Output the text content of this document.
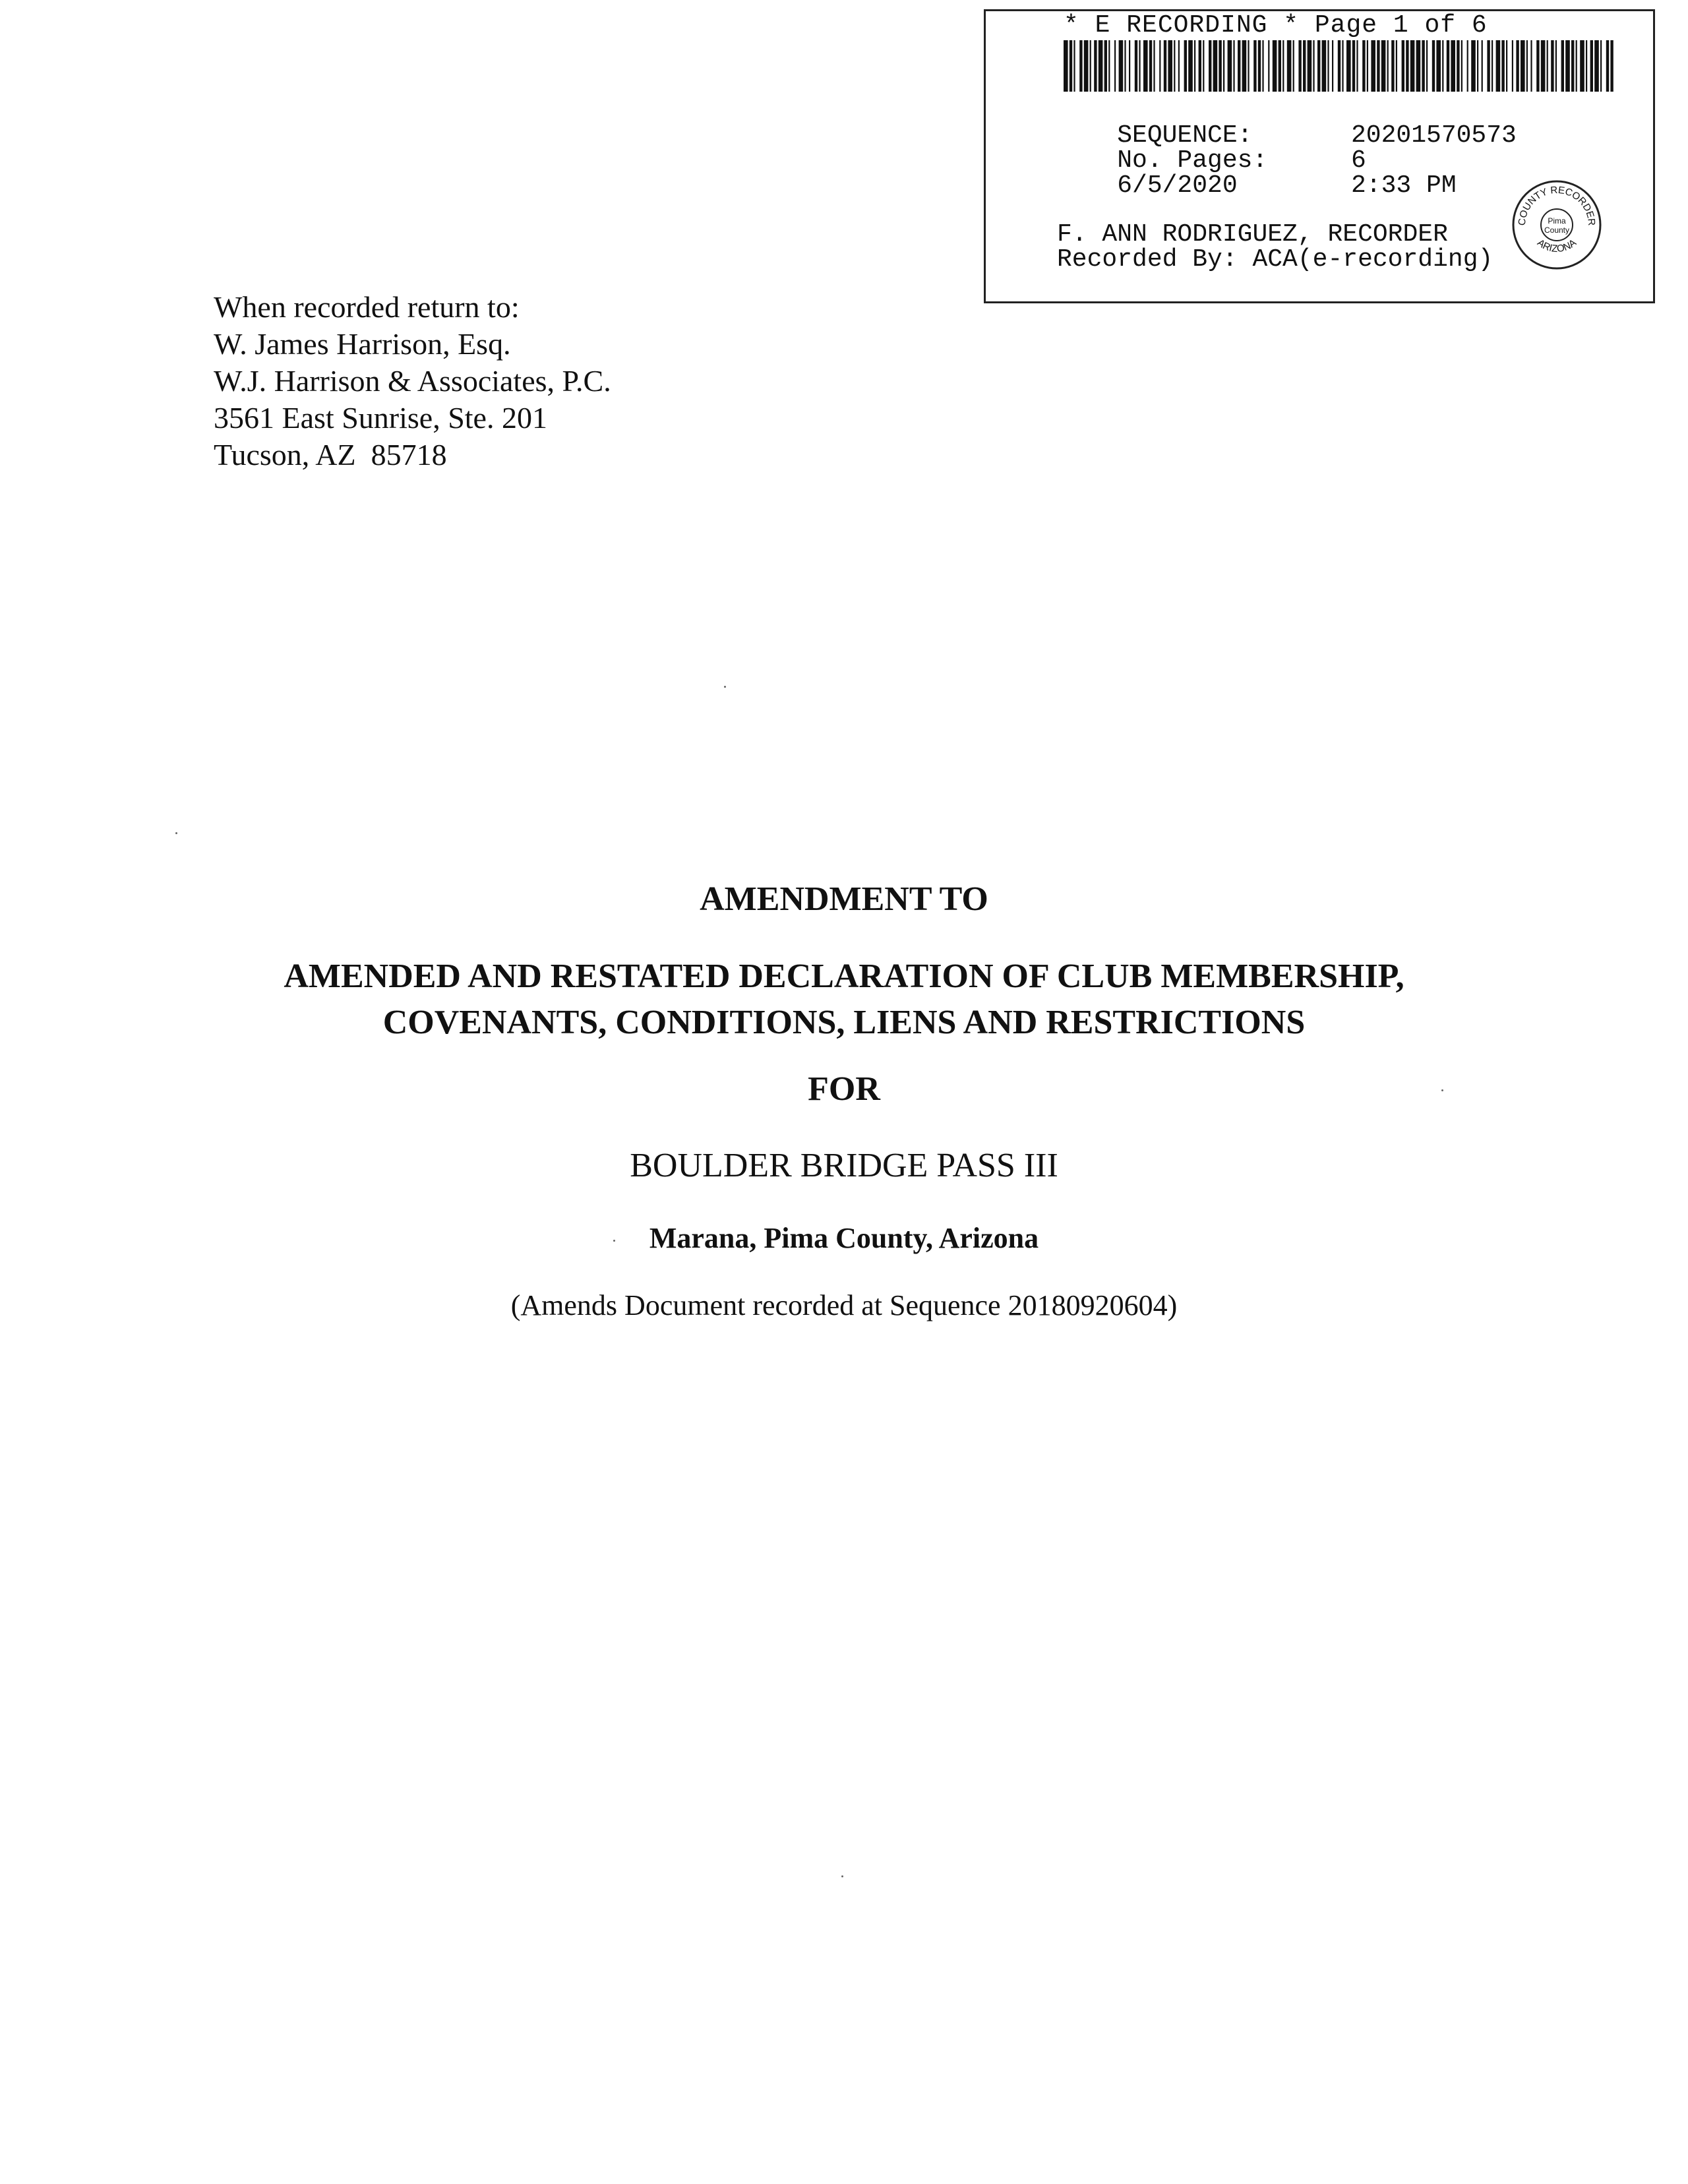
* E RECORDING * Page 1 of 6

SEQUENCE:	20201570573

No. Pages:	6

6/5/2020	2:33 PM

F. ANN RODRIGUEZ, RECORDER
Recorded By: ACA(e-recording)
COUNTY RECORDER
ARIZONA
Pima
County
When recorded return to:
W. James Harrison, Esq.
W.J. Harrison & Associates, P.C.
3561 East Sunrise, Ste. 201
Tucson, AZ  85718
AMENDMENT TO
AMENDED AND RESTATED DECLARATION OF CLUB MEMBERSHIP,
COVENANTS, CONDITIONS, LIENS AND RESTRICTIONS
FOR
BOULDER BRIDGE PASS III
Marana, Pima County, Arizona
(Amends Document recorded at Sequence 20180920604)
